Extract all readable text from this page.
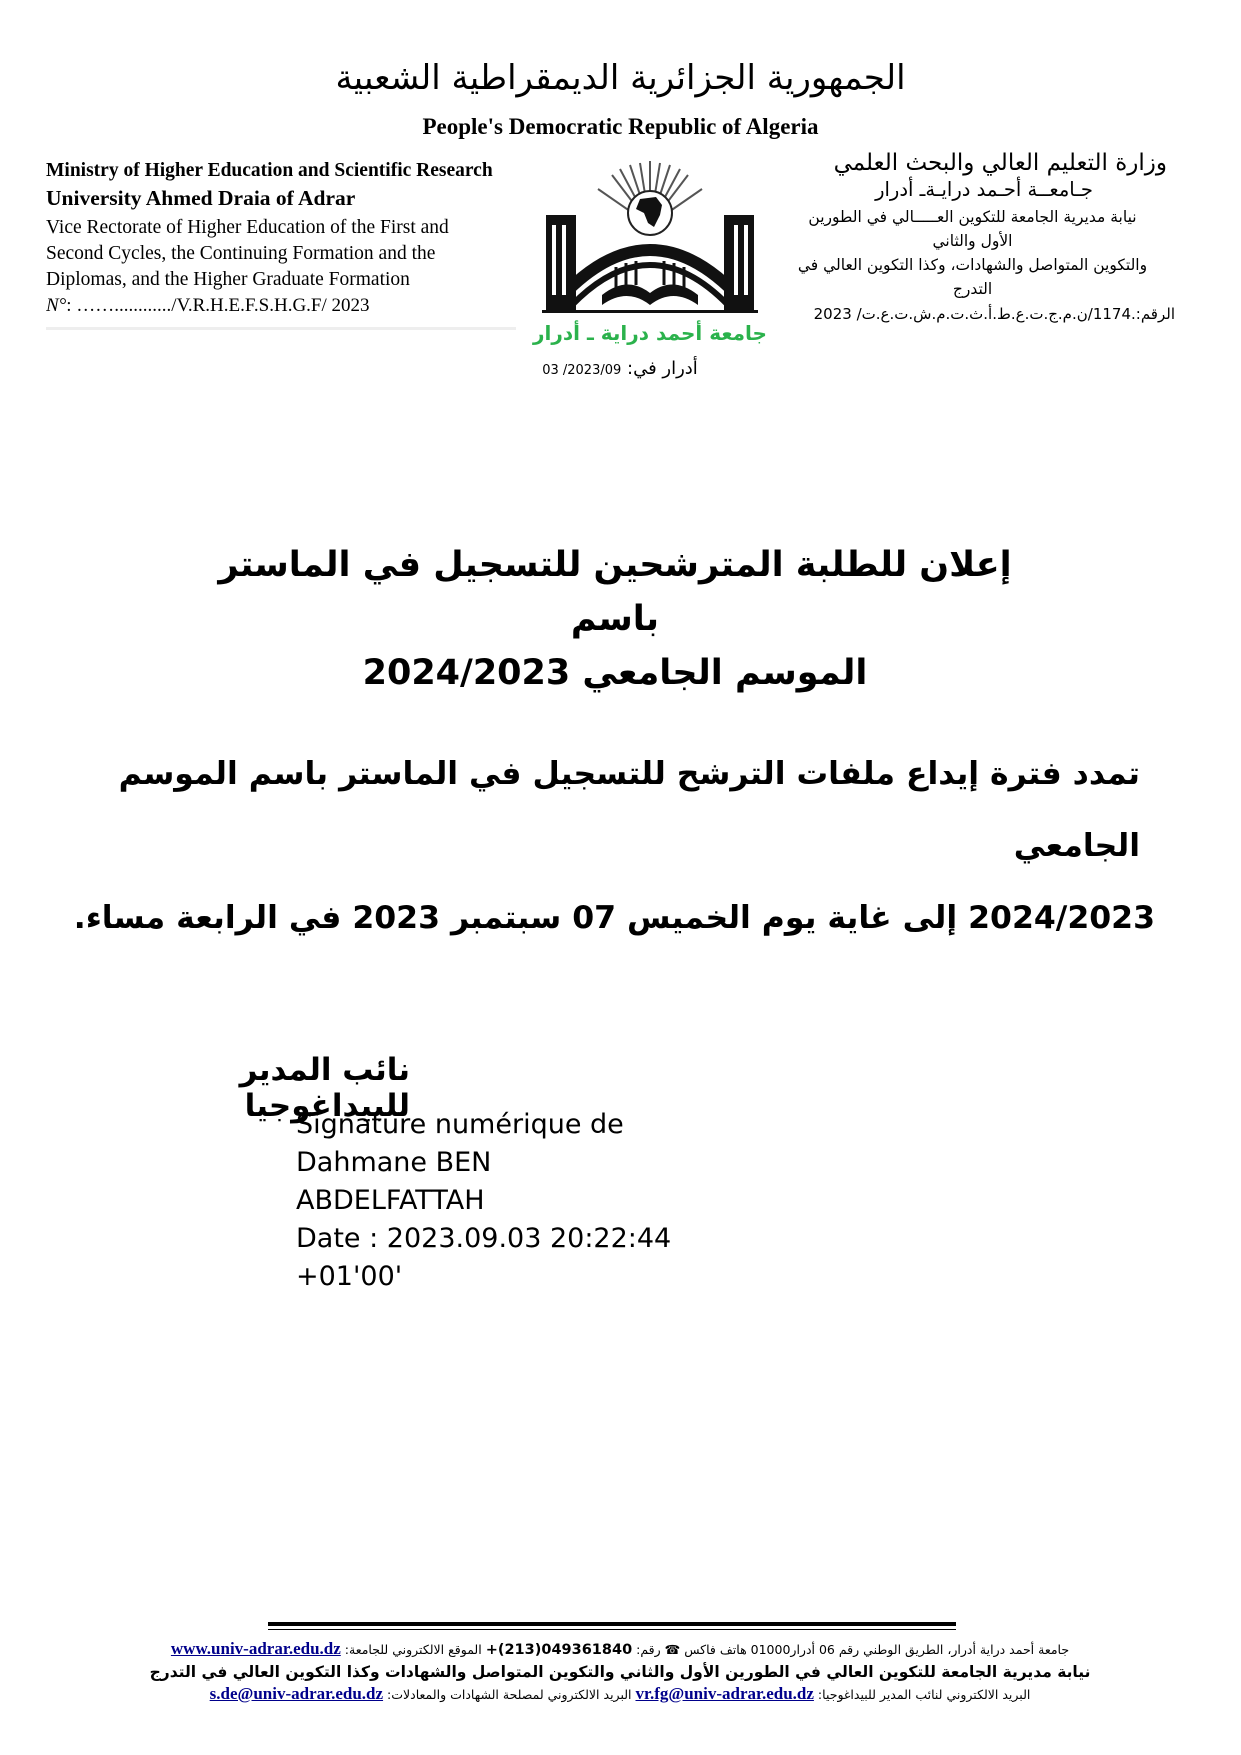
الجمهورية الجزائرية الديمقراطية الشعبية
People's Democratic Republic of Algeria
Ministry of Higher Education and Scientific Research
University Ahmed Draia of Adrar
Vice Rectorate of Higher Education of the First and
Second Cycles, the Continuing Formation and the
Diplomas, and the Higher Graduate Formation
N°: ……............/V.R.H.E.F.S.H.G.F/ 2023
جامعة أحمد دراية ـ أدرار
وزارة التعليم العالي والبحث العلمي
جـامعــة أحـمد درايـةـ أدرار
نيابة مديرية الجامعة للتكوين العـــــالي في الطورين
الأول والثاني
والتكوين المتواصل والشهادات، وكذا التكوين العالي في
التدرج
الرقم:.1174/ن.م.ج.ت.ع.ط.أ.ث.ت.م.ش.ت.ع.ت/ 2023
أدرار في: 2023/09/ 03
إعلان للطلبة المترشحين للتسجيل في الماستر باسم
الموسم الجامعي 2024/2023
تمدد فترة إيداع ملفات الترشح للتسجيل في الماستر باسم الموسم الجامعي
2024/2023 إلى غاية يوم الخميس 07 سبتمبر 2023 في الرابعة مساء.
نائب المدير للبيداغوجيا
Signature numérique de
Dahmane BEN
ABDELFATTAH
Date : 2023.09.03 20:22:44
+01'00'
جامعة أحمد دراية أدرار، الطريق الوطني رقم 06 أدرار01000 هاتف فاكس ☎ رقم: +(213)049361840 الموقع الالكتروني للجامعة: www.univ-adrar.edu.dz
نيابة مديرية الجامعة للتكوين العالي في الطورين الأول والثاني والتكوين المتواصل والشهادات وكذا التكوين العالي في التدرج
البريد الالكتروني لنائب المدير للبيداغوجيا: vr.fg@univ-adrar.edu.dz البريد الالكتروني لمصلحة الشهادات والمعادلات: s.de@univ-adrar.edu.dz
